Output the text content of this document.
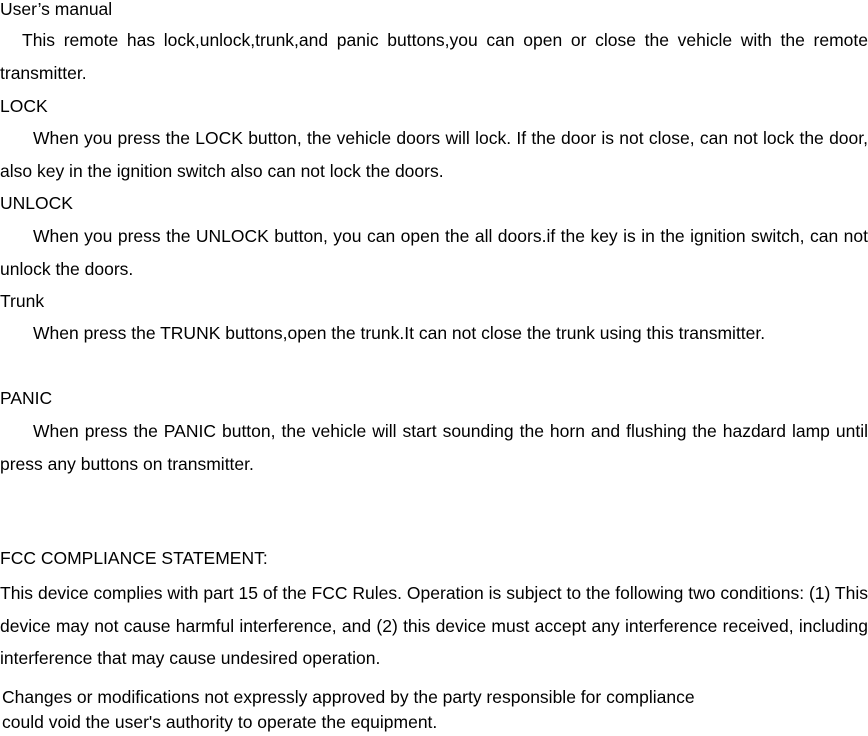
User’s manual

This remote has lock,unlock,trunk,and panic buttons,you can open or close the vehicle with the remote transmitter.

LOCK

When you press the LOCK button, the vehicle doors will lock. If the door is not close, can not lock the door, also key in the ignition switch also can not lock the doors.

UNLOCK

When you press the UNLOCK button, you can open the all doors.if the key is in the ignition switch, can not unlock the doors.

Trunk

When press the TRUNK buttons,open the trunk.It can not close the trunk using this transmitter.

PANIC

When press the PANIC button, the vehicle will start sounding the horn and flushing the hazdard lamp until press any buttons on transmitter.

FCC COMPLIANCE STATEMENT:

This device complies with part 15 of the FCC Rules. Operation is subject to the following two conditions: (1) This device may not cause harmful interference, and (2) this device must accept any interference received, including interference that may cause undesired operation.

Changes or modifications not expressly approved by the party responsible for compliance

could void the user's authority to operate the equipment.
